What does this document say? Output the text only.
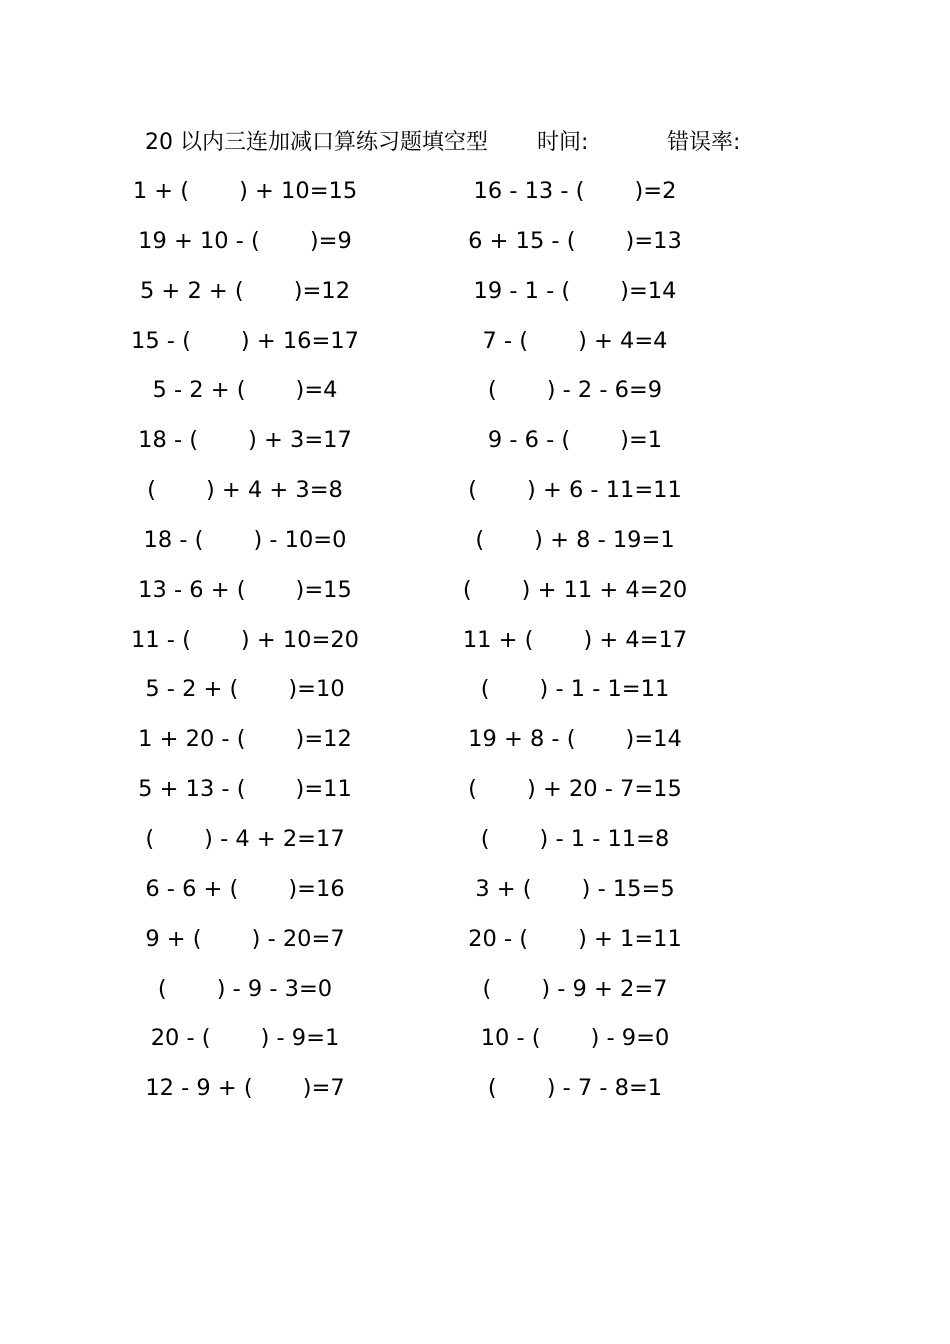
20 以内三连加减口算练习题填空型 时间:	错误率:
1 + (       ) + 10=15
19 + 10 - (       )=9
5 + 2 + (       )=12
15 - (       ) + 16=17
5 - 2 + (       )=4
18 - (       ) + 3=17
(       ) + 4 + 3=8
18 - (       ) - 10=0
13 - 6 + (       )=15
11 - (       ) + 10=20
5 - 2 + (       )=10
1 + 20 - (       )=12
5 + 13 - (       )=11
(       ) - 4 + 2=17
6 - 6 + (       )=16
9 + (       ) - 20=7
(       ) - 9 - 3=0
20 - (       ) - 9=1
12 - 9 + (       )=7
16 - 13 - (       )=2
6 + 15 - (       )=13
19 - 1 - (       )=14
7 - (       ) + 4=4
(       ) - 2 - 6=9
9 - 6 - (       )=1
(       ) + 6 - 11=11
(       ) + 8 - 19=1
(       ) + 11 + 4=20
11 + (       ) + 4=17
(       ) - 1 - 1=11
19 + 8 - (       )=14
(       ) + 20 - 7=15
(       ) - 1 - 11=8
3 + (       ) - 15=5
20 - (       ) + 1=11
(       ) - 9 + 2=7
10 - (       ) - 9=0
(       ) - 7 - 8=1
